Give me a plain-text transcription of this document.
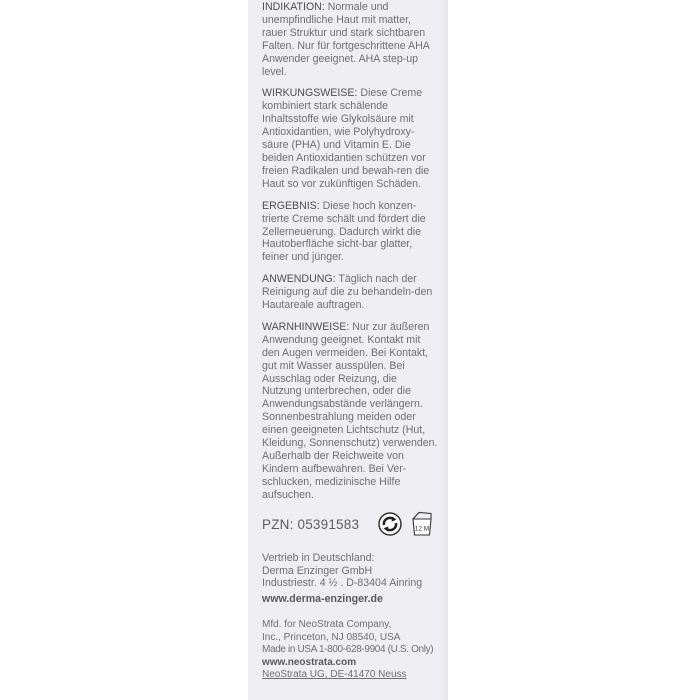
INDIKATION: Normale und unempfindliche Haut mit matter, rauer Struktur und stark sichtbaren Falten. Nur für fortgeschrittene AHA Anwender geeignet. AHA step-up level.
WIRKUNGSWEISE: Diese Creme kombiniert stark schälende Inhaltsstoffe wie Glykolsäure mit Antioxidantien, wie Polyhydroxy-säure (PHA) und Vitamin E. Die beiden Antioxidantien schützen vor freien Radikalen und bewah-ren die Haut so vor zukünftigen Schäden.
ERGEBNIS: Diese hoch konzen-trierte Creme schält und fördert die Zellerneuerung. Dadurch wirkt die Hautoberfläche sicht-bar glatter, feiner und jünger.
ANWENDUNG: Täglich nach der Reinigung auf die zu behandeln-den Hautareale auftragen.
WARNHINWEISE: Nur zur äußeren Anwendung geeignet. Kontakt mit den Augen vermeiden. Bei Kontakt, gut mit Wasser ausspülen. Bei Ausschlag oder Reizung, die Nutzung unterbrechen, oder die Anwendungsabstände verlängern. Sonnenbestrahlung meiden oder einen geeigneten Lichtschutz (Hut, Kleidung, Sonnenschutz) verwenden. Außerhalb der Reichweite von Kindern aufbewahren. Bei Ver-schlucken, medizinische Hilfe aufsuchen.
PZN: 05391583	12 M
Vertrieb in Deutschland:
Derma Enzinger GmbH
Industriestr. 4 ½ . D-83404 Ainring
www.derma-enzinger.de
Mfd. for NeoStrata Company,
Inc., Princeton, NJ 08540, USA
Made in USA 1-800-628-9904 (U.S. Only)
www.neostrata.com
NeoStrata UG, DE-41470 Neuss
